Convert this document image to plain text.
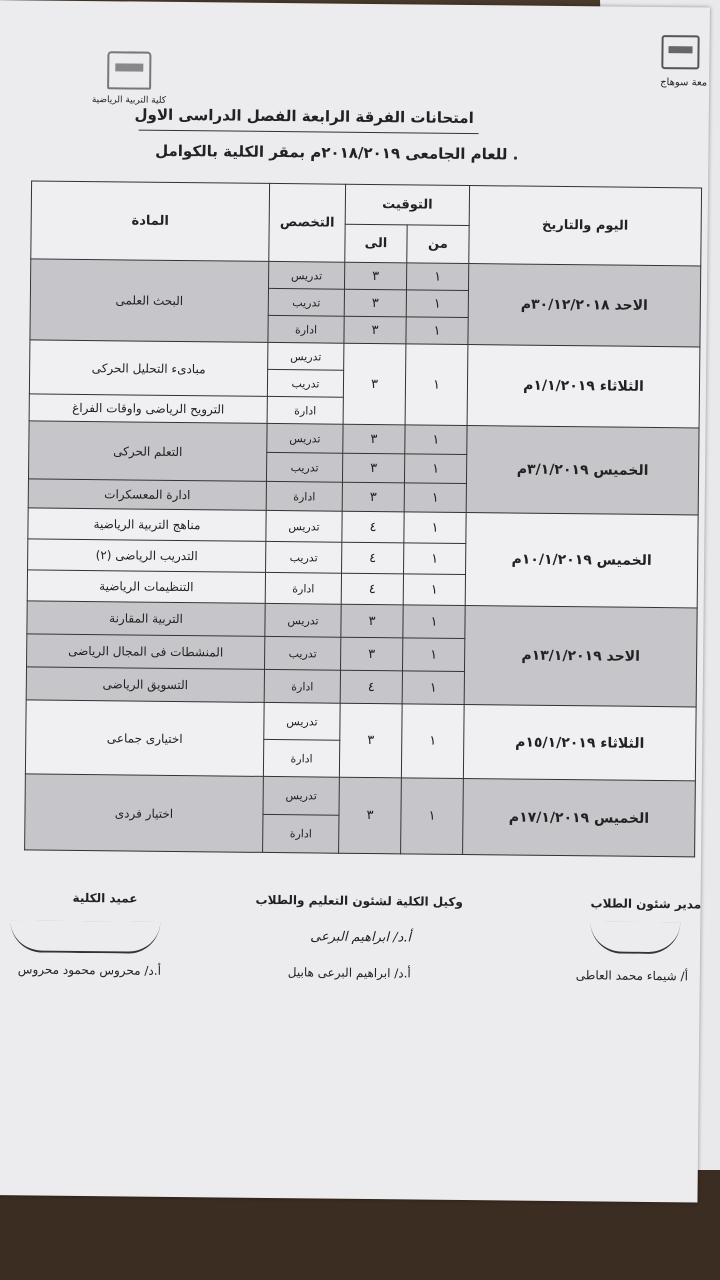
كلية التربية الرياضية
معة سوهاج
امتحانات الفرقة الرابعة الفصل الدراسى الاول
للعام الجامعى ٢٠١٨/٢٠١٩م بمقر الكلية بالكوامل .
اليوم والتاريخ	التوقيت		التخصص	المادة
	من	الى		
الاحد ٣٠/١٢/٢٠١٨م	١	٣	تدريس	البحث العلمى
	١	٣	تدريب	
	١	٣	ادارة	
الثلاثاء ١/١/٢٠١٩م	١	٣	تدريس	مبادىء التحليل الحركى
			تدريب	
			ادارة	الترويح الرياضى واوقات الفراغ
الخميس ٣/١/٢٠١٩م	١	٣	تدريس	التعلم الحركى
	١	٣	تدريب	
	١	٣	ادارة	ادارة المعسكرات
الخميس ١٠/١/٢٠١٩م	١	٤	تدريس	مناهج التربية الرياضية
	١	٤	تدريب	التدريب الرياضى (٢)
	١	٤	ادارة	التنظيمات الرياضية
الاحد ١٣/١/٢٠١٩م	١	٣	تدريس	التربية المقارنة
	١	٣	تدريب	المنشطات فى المجال الرياضى
	١	٤	ادارة	التسويق الرياضى
الثلاثاء ١٥/١/٢٠١٩م	١	٣	تدريس	اختيارى جماعى
			ادارة	
الخميس ١٧/١/٢٠١٩م	١	٣	تدريس	اختيار فردى
			ادارة	
عميد الكلية
أ.د/ محروس محمود محروس
وكيل الكلية لشئون التعليم والطلاب
أ.د/ ابراهيم البرعى
أ.د/ ابراهيم البرعى هابيل
مدير شئون الطلاب
أ/ شيماء محمد العاطى
